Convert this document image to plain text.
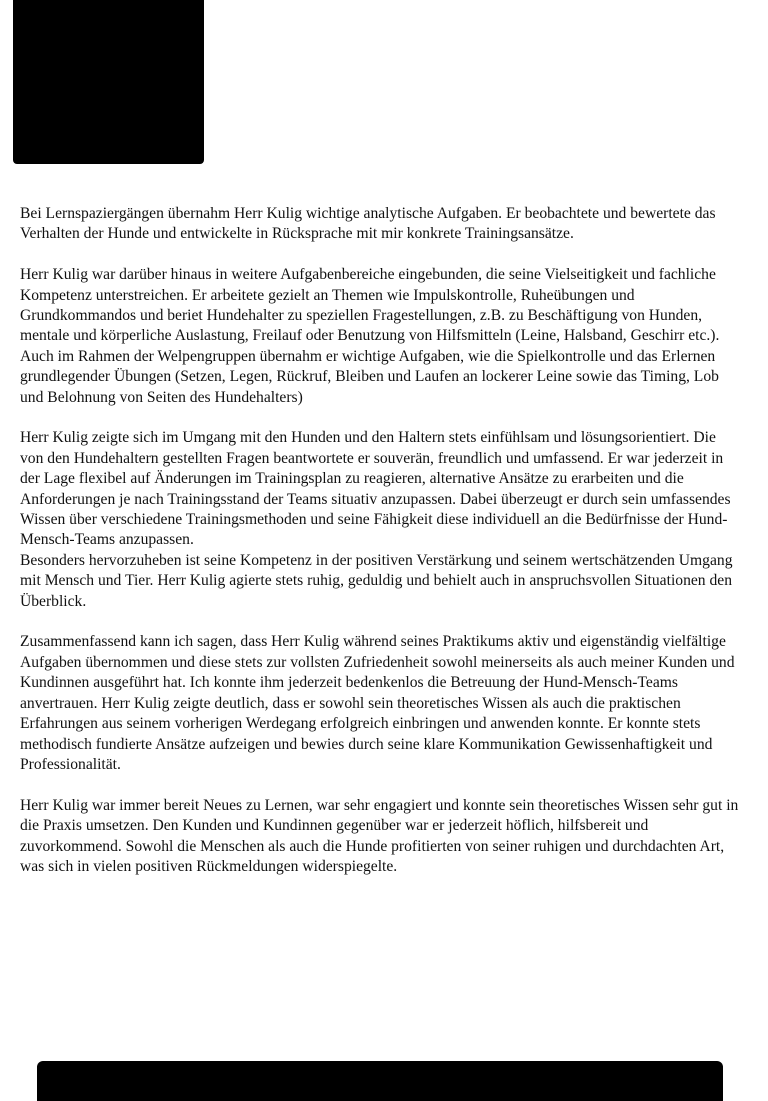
Bei Lernspaziergängen übernahm Herr Kulig wichtige analytische Aufgaben. Er beobachtete und bewertete das Verhalten der Hunde und entwickelte in Rücksprache mit mir konkrete Trainingsansätze.

Herr Kulig war darüber hinaus in weitere Aufgabenbereiche eingebunden, die seine Vielseitigkeit und fachliche Kompetenz unterstreichen. Er arbeitete gezielt an Themen wie Impulskontrolle, Ruheübungen und Grundkommandos und beriet Hundehalter zu speziellen Fragestellungen, z.B. zu Beschäftigung von Hunden, mentale und körperliche Auslastung, Freilauf oder Benutzung von Hilfsmitteln (Leine, Halsband, Geschirr etc.). Auch im Rahmen der Welpengruppen übernahm er wichtige Aufgaben, wie die Spielkontrolle und das Erlernen grundlegender Übungen (Setzen, Legen, Rückruf, Bleiben und Laufen an lockerer Leine sowie das Timing, Lob und Belohnung von Seiten des Hundehalters)

Herr Kulig zeigte sich im Umgang mit den Hunden und den Haltern stets einfühlsam und lösungsorientiert. Die von den Hundehaltern gestellten Fragen beantwortete er souverän, freundlich und umfassend. Er war jederzeit in der Lage flexibel auf Änderungen im Trainingsplan zu reagieren, alternative Ansätze zu erarbeiten und die Anforderungen je nach Trainingsstand der Teams situativ anzupassen. Dabei überzeugt er durch sein umfassendes Wissen über verschiedene Trainingsmethoden und seine Fähigkeit diese individuell an die Bedürfnisse der Hund-Mensch-Teams anzupassen.

Besonders hervorzuheben ist seine Kompetenz in der positiven Verstärkung und seinem wertschätzenden Umgang mit Mensch und Tier. Herr Kulig agierte stets ruhig, geduldig und behielt auch in anspruchsvollen Situationen den Überblick.

Zusammenfassend kann ich sagen, dass Herr Kulig während seines Praktikums aktiv und eigenständig vielfältige Aufgaben übernommen und diese stets zur vollsten Zufriedenheit sowohl meinerseits als auch meiner Kunden und Kundinnen ausgeführt hat. Ich konnte ihm jederzeit bedenkenlos die Betreuung der Hund-Mensch-Teams anvertrauen. Herr Kulig zeigte deutlich, dass er sowohl sein theoretisches Wissen als auch die praktischen Erfahrungen aus seinem vorherigen Werdegang erfolgreich einbringen und anwenden konnte. Er konnte stets methodisch fundierte Ansätze aufzeigen und bewies durch seine klare Kommunikation Gewissenhaftigkeit und Professionalität.

Herr Kulig war immer bereit Neues zu Lernen, war sehr engagiert und konnte sein theoretisches Wissen sehr gut in die Praxis umsetzen. Den Kunden und Kundinnen gegenüber war er jederzeit höflich, hilfsbereit und zuvorkommend. Sowohl die Menschen als auch die Hunde profitierten von seiner ruhigen und durchdachten Art, was sich in vielen positiven Rückmeldungen widerspiegelte.
